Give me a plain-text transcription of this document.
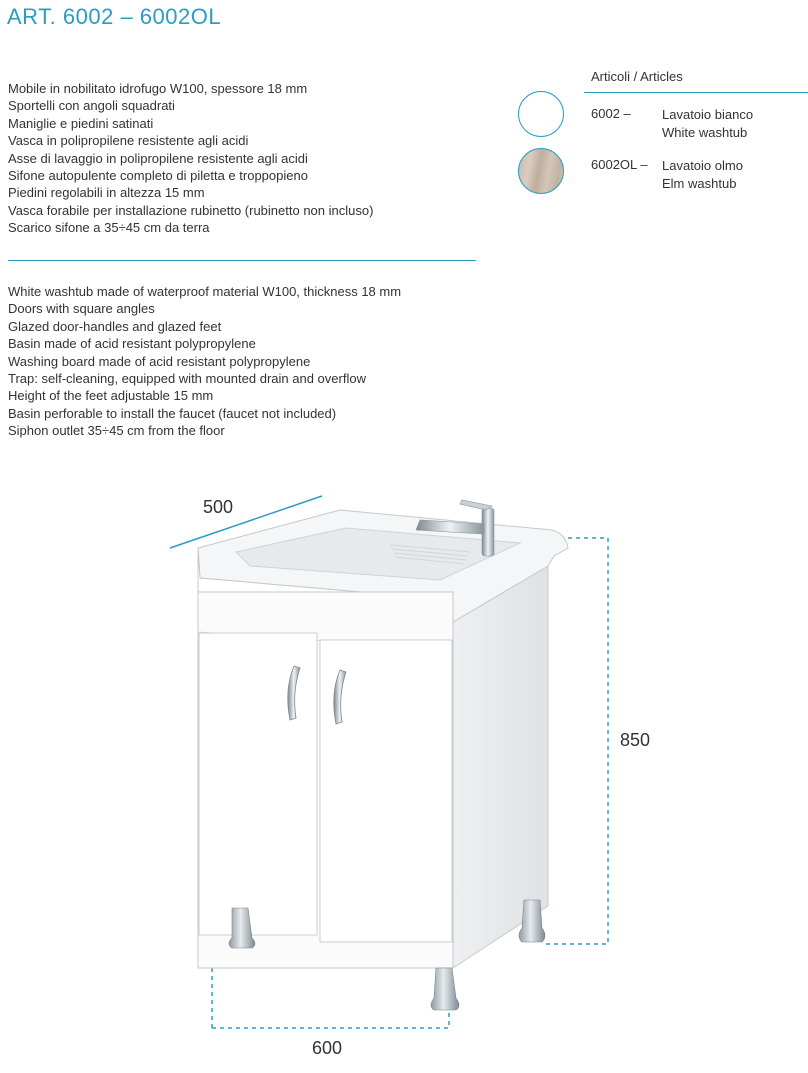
ART. 6002 – 6002OL
Mobile in nobilitato idrofugo W100, spessore 18 mm
Sportelli con angoli squadrati
Maniglie e piedini satinati
Vasca in polipropilene resistente agli acidi
Asse di lavaggio in polipropilene resistente agli acidi
Sifone autopulente completo di piletta e troppopieno
Piedini regolabili in altezza 15 mm
Vasca forabile per installazione rubinetto (rubinetto non incluso)
Scarico sifone a 35÷45 cm da terra
White washtub made of waterproof material W100, thickness 18 mm
Doors with square angles
Glazed door-handles and glazed feet
Basin made of acid resistant polypropylene
Washing board made of acid resistant polypropylene
Trap: self-cleaning, equipped with mounted drain and overflow
Height of the feet adjustable 15 mm
Basin perforable to install the faucet (faucet not included)
Siphon outlet 35÷45 cm from the floor
Articoli / Articles
6002 – Lavatoio bianco
White washtub
6002OL – Lavatoio olmo
Elm washtub
500
850
600
